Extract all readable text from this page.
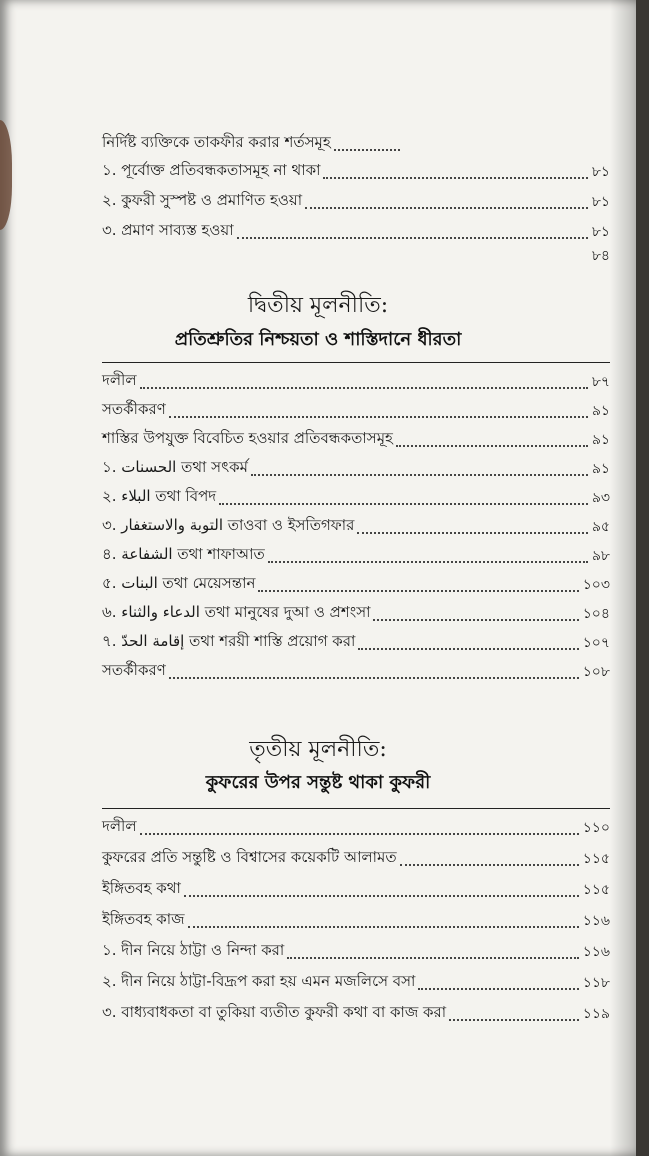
নির্দিষ্ট ব্যক্তিকে তাকফীর করার শর্তসমূহ
১. পূর্বোক্ত প্রতিবন্ধকতাসমূহ না থাকা	৮১
২. কুফরী সুস্পষ্ট ও প্রমাণিত হওয়া	৮১
৩. প্রমাণ সাব্যস্ত হওয়া	৮১
৮৪
দ্বিতীয় মূলনীতি:
প্রতিশ্রুতির নিশ্চয়তা ও শাস্তিদানে ধীরতা
দলীল	৮৭
সতর্কীকরণ	৯১
শাস্তির উপযুক্ত বিবেচিত হওয়ার প্রতিবন্ধকতাসমূহ	৯১
১. الحسنات তথা সৎকর্ম	৯১
২. البلاء তথা বিপদ	৯৩
৩. التوبة والاستغفار তাওবা ও ইসতিগফার	৯৫
৪. الشفاعة তথা শাফাআত	৯৮
৫. البنات তথা মেয়েসন্তান	১০৩
৬. الدعاء والثناء তথা মানুষের দুআ ও প্রশংসা	১০৪
৭. إقامة الحدّ তথা শরয়ী শাস্তি প্রয়োগ করা	১০৭
সতর্কীকরণ	১০৮
তৃতীয় মূলনীতি:
কুফরের উপর সন্তুষ্ট থাকা কুফরী
দলীল	১১০
কুফরের প্রতি সন্তুষ্টি ও বিশ্বাসের কয়েকটি আলামত	১১৫
ইঙ্গিতবহ কথা	১১৫
ইঙ্গিতবহ কাজ	১১৬
১. দীন নিয়ে ঠাট্টা ও নিন্দা করা	১১৬
২. দীন নিয়ে ঠাট্টা-বিদ্রূপ করা হয় এমন মজলিসে বসা	১১৮
৩. বাধ্যবাধকতা বা তুকিয়া ব্যতীত কুফরী কথা বা কাজ করা	১১৯
